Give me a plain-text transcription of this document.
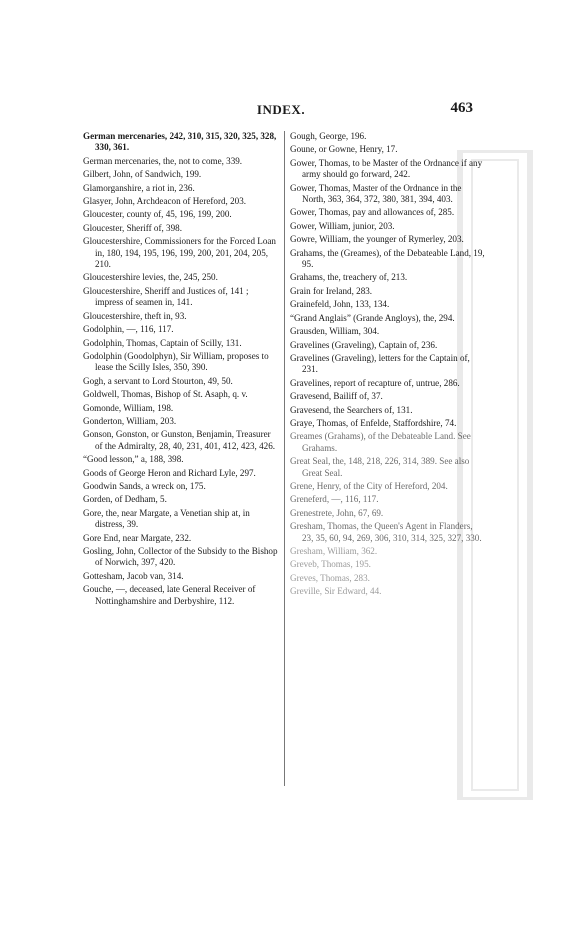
INDEX.	463
German mercenaries, 242, 310, 315, 320, 325, 328, 330, 361.
German mercenaries, the, not to come, 339.
Gilbert, John, of Sandwich, 199.
Glamorganshire, a riot in, 236.
Glasyer, John, Archdeacon of Hereford, 203.
Gloucester, county of, 45, 196, 199, 200.
Gloucester, Sheriff of, 398.
Gloucestershire, Commissioners for the Forced Loan in, 180, 194, 195, 196, 199, 200, 201, 204, 205, 210.
Gloucestershire levies, the, 245, 250.
Gloucestershire, Sheriff and Justices of, 141 ; impress of seamen in, 141.
Gloucestershire, theft in, 93.
Godolphin, —, 116, 117.
Godolphin, Thomas, Captain of Scilly, 131.
Godolphin (Goodolphyn), Sir William, proposes to lease the Scilly Isles, 350, 390.
Gogh, a servant to Lord Stourton, 49, 50.
Goldwell, Thomas, Bishop of St. Asaph, q. v.
Gomonde, William, 198.
Gonderton, William, 203.
Gonson, Gonston, or Gunston, Benjamin, Treasurer of the Admiralty, 28, 40, 231, 401, 412, 423, 426.
“Good lesson,” a, 188, 398.
Goods of George Heron and Richard Lyle, 297.
Goodwin Sands, a wreck on, 175.
Gorden, of Dedham, 5.
Gore, the, near Margate, a Venetian ship at, in distress, 39.
Gore End, near Margate, 232.
Gosling, John, Collector of the Subsidy to the Bishop of Norwich, 397, 420.
Gottesham, Jacob van, 314.
Gouche, —, deceased, late General Receiver of Nottinghamshire and Derbyshire, 112.
Gough, George, 196.
Goune, or Gowne, Henry, 17.
Gower, Thomas, to be Master of the Ordnance if any army should go forward, 242.
Gower, Thomas, Master of the Ordnance in the North, 363, 364, 372, 380, 381, 394, 403.
Gower, Thomas, pay and allowances of, 285.
Gower, William, junior, 203.
Gowre, William, the younger of Rymerley, 203.
Grahams, the (Greames), of the Debateable Land, 19, 95.
Grahams, the, treachery of, 213.
Grain for Ireland, 283.
Grainefeld, John, 133, 134.
“Grand Anglais” (Grande Angloys), the, 294.
Grausden, William, 304.
Gravelines (Graveling), Captain of, 236.
Gravelines (Graveling), letters for the Captain of, 231.
Gravelines, report of recapture of, untrue, 286.
Gravesend, Bailiff of, 37.
Gravesend, the Searchers of, 131.
Graye, Thomas, of Enfelde, Staffordshire, 74.
Greames (Grahams), of the Debateable Land. See Grahams.
Great Seal, the, 148, 218, 226, 314, 389. See also Great Seal.
Grene, Henry, of the City of Hereford, 204.
Greneferd, —, 116, 117.
Grenestrete, John, 67, 69.
Gresham, Thomas, the Queen's Agent in Flanders, 23, 35, 60, 94, 269, 306, 310, 314, 325, 327, 330.
Gresham, William, 362.
Greveb, Thomas, 195.
Greves, Thomas, 283.
Greville, Sir Edward, 44.
